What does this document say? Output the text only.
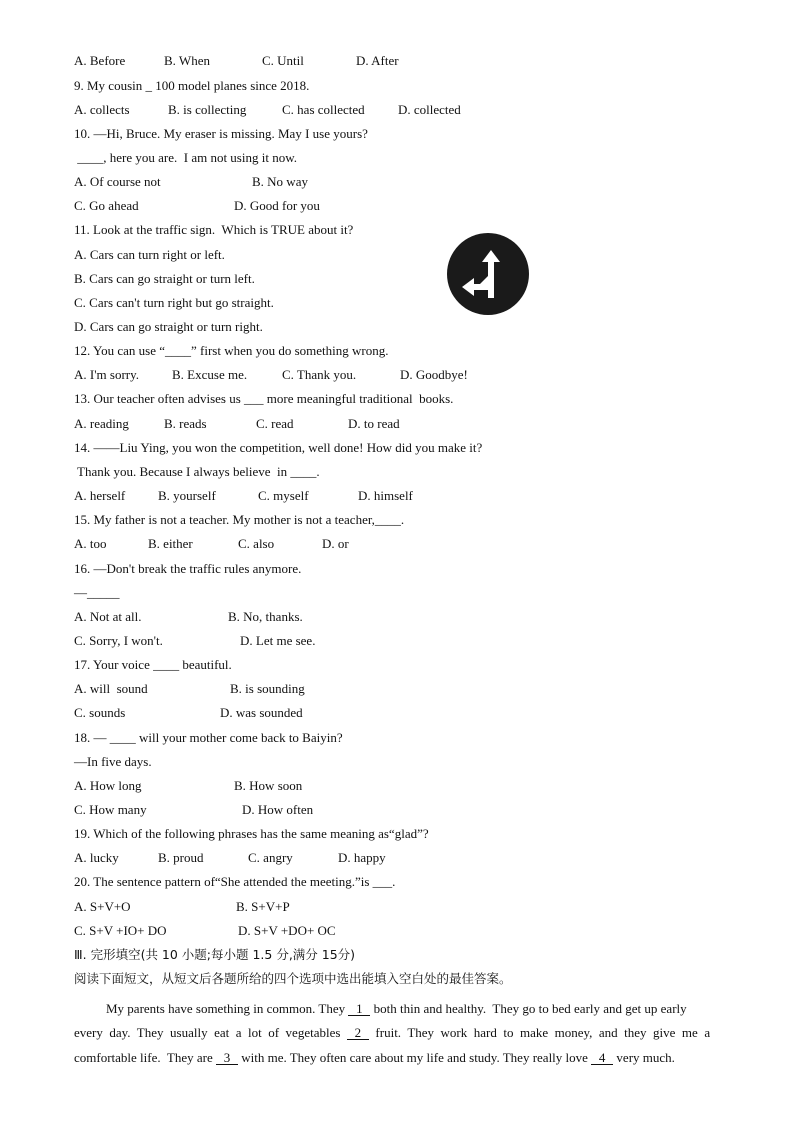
A. Before	B. When	C. Until	D. After
9. My cousin _ 100 model planes since 2018.
A. collects	B. is collecting	C. has collected	D. collected
10. —Hi, Bruce. My eraser is missing. May I use yours?
____, here you are.  I am not using it now.
A. Of course not	B. No way
C. Go ahead	D. Good for you
11. Look at the traffic sign.  Which is TRUE about it?
A. Cars can turn right or left.
B. Cars can go straight or turn left.
C. Cars can't turn right but go straight.
D. Cars can go straight or turn right.
12. You can use “____” first when you do something wrong.
A. I'm sorry.	B. Excuse me.	C. Thank you.	D. Goodbye!
13. Our teacher often advises us ___ more meaningful traditional  books.
A. reading	B. reads	C. read	D. to read
14. ——Liu Ying, you won the competition, well done! How did you make it?
Thank you. Because I always believe  in ____.
A. herself	B. yourself	C. myself	D. himself
15. My father is not a teacher. My mother is not a teacher,____.
A. too	B. either	C. also	D. or
16. —Don't break the traffic rules anymore.
—_____
A. Not at all.	B. No, thanks.
C. Sorry, I won't.	D. Let me see.
17. Your voice ____ beautiful.
A. will  sound	B. is sounding
C. sounds	D. was sounded
18. — ____ will your mother come back to Baiyin?
—In five days.
A. How long	B. How soon
C. How many	D. How often
19. Which of the following phrases has the same meaning as“glad”?
A. lucky	B. proud	C. angry	D. happy
20. The sentence pattern of“She attended the meeting.”is ___.
A. S+V+O	B. S+V+P
C. S+V +IO+ DO	D. S+V +DO+ OC
Ⅲ. 完形填空(共 10 小题;每小题 1.5 分,满分 15分)
阅读下面短文，从短文后各题所给的四个选项中选出能填入空白处的最佳答案。
My parents have something in common. They 1 both thin and healthy.  They go to bed early and get up early
every  day.  They  usually  eat  a  lot  of  vegetables  2  fruit.  They  work  hard  to  make  money,  and  they  give  me  a
comfortable life.  They are 3 with me. They often care about my life and study. They really love 4 very much.
